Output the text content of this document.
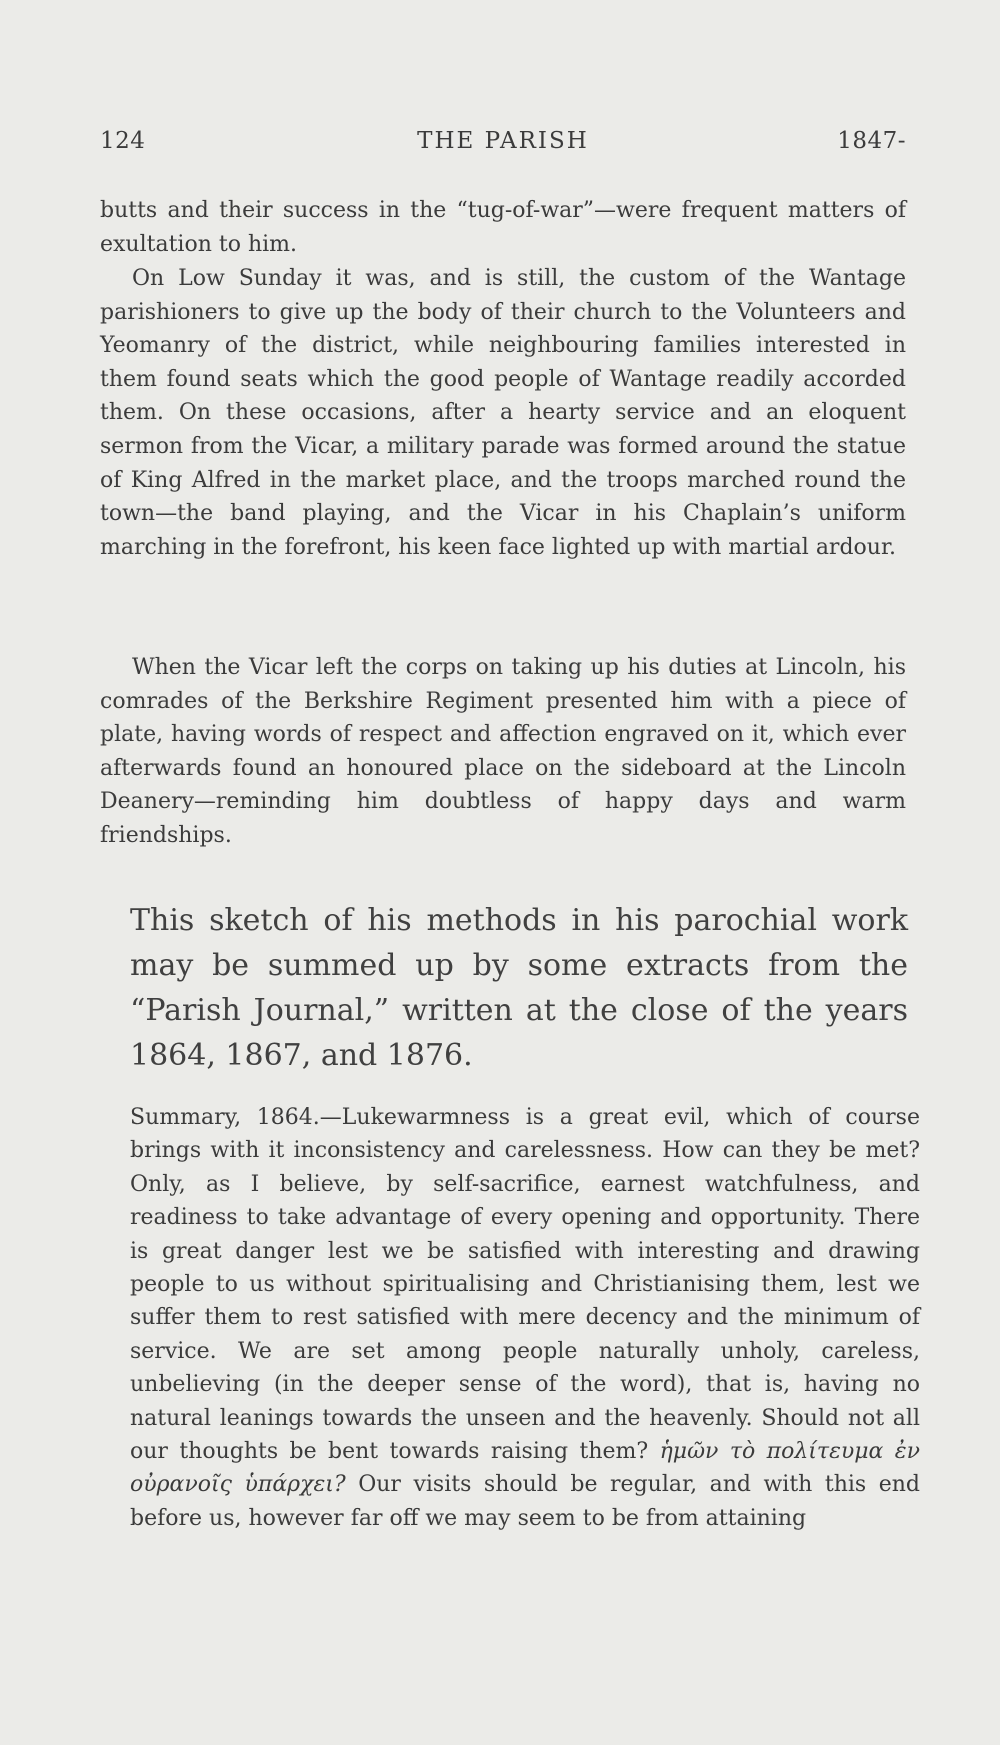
124	THE PARISH	1847-

butts and their success in the “tug-of-war”—were frequent matters of exultation to him.

On Low Sunday it was, and is still, the custom of the Wantage parishioners to give up the body of their church to the Volunteers and Yeomanry of the district, while neighbouring families interested in them found seats which the good people of Wantage readily accorded them. On these occasions, after a hearty service and an eloquent sermon from the Vicar, a military parade was formed around the statue of King Alfred in the market place, and the troops marched round the town—the band playing, and the Vicar in his Chaplain’s uniform marching in the forefront, his keen face lighted up with martial ardour.

When the Vicar left the corps on taking up his duties at Lincoln, his comrades of the Berkshire Regiment presented him with a piece of plate, having words of respect and affection engraved on it, which ever afterwards found an honoured place on the sideboard at the Lincoln Deanery—reminding him doubtless of happy days and warm friendships.

This sketch of his methods in his parochial work may be summed up by some extracts from the “Parish Journal,” written at the close of the years 1864, 1867, and 1876.

Summary, 1864.—Lukewarmness is a great evil, which of course brings with it inconsistency and carelessness. How can they be met? Only, as I believe, by self-sacrifice, earnest watchfulness, and readiness to take advantage of every opening and opportunity. There is great danger lest we be satisfied with interesting and drawing people to us without spiritualising and Christianising them, lest we suffer them to rest satisfied with mere decency and the minimum of service. We are set among people naturally unholy, careless, unbelieving (in the deeper sense of the word), that is, having no natural leanings towards the unseen and the heavenly. Should not all our thoughts be bent towards raising them? ἡμῶν τὸ πολίτευμα ἐν οὐρανοῖς ὑπάρχει? Our visits should be regular, and with this end before us, however far off we may seem to be from attaining
